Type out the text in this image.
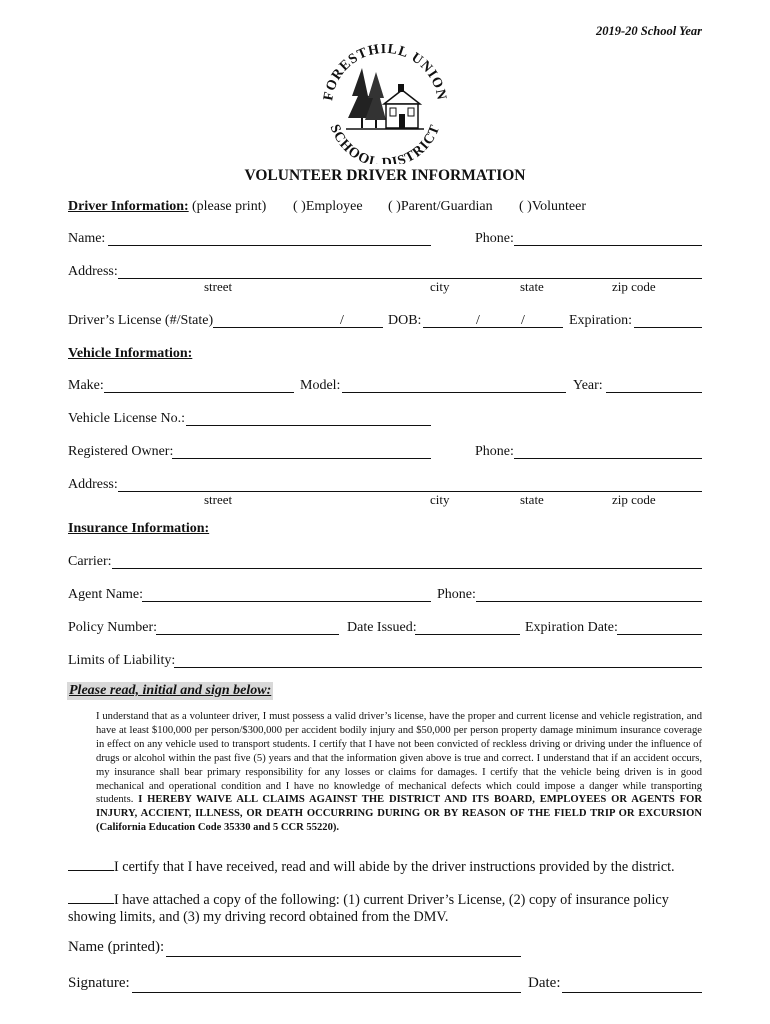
2019-20 School Year
FORESTHILL UNION
SCHOOL DISTRICT
VOLUNTEER DRIVER INFORMATION
Driver Information: (please print) ( )Employee ( )Parent/Guardian ( )Volunteer
Name:	Phone:
Address:
street	city	state	zip code
Driver’s License (#/State)	/	DOB:	/	/	Expiration:
Vehicle Information:
Make:	Model:	Year:
Vehicle License No.:
Registered Owner:	Phone:
Address:
street	city	state	zip code
Insurance Information:
Carrier:
Agent Name:	Phone:
Policy Number:	Date Issued:	Expiration Date:
Limits of Liability:
Please read, initial and sign below:
I understand that as a volunteer driver, I must possess a valid driver’s license, have the proper and current license and vehicle registration, and have at least $100,000 per person/$300,000 per accident bodily injury and $50,000 per person property damage minimum insurance coverage in effect on any vehicle used to transport students. I certify that I have not been convicted of reckless driving or driving under the influence of drugs or alcohol within the past five (5) years and that the information given above is true and correct. I understand that if an accident occurs, my insurance shall bear primary responsibility for any losses or claims for damages. I certify that the vehicle being driven is in good mechanical and operational condition and I have no knowledge of mechanical defects which could impose a danger while transporting students. I HEREBY WAIVE ALL CLAIMS AGAINST THE DISTRICT AND ITS BOARD, EMPLOYEES OR AGENTS FOR INJURY, ACCIENT, ILLNESS, OR DEATH OCCURRING DURING OR BY REASON OF THE FIELD TRIP OR EXCURSION (California Education Code 35330 and 5 CCR 55220).
I certify that I have received, read and will abide by the driver instructions provided by the district.
I have attached a copy of the following: (1) current Driver’s License, (2) copy of insurance policy showing limits, and (3) my driving record obtained from the DMV.
Name (printed):
Signature:	Date:
